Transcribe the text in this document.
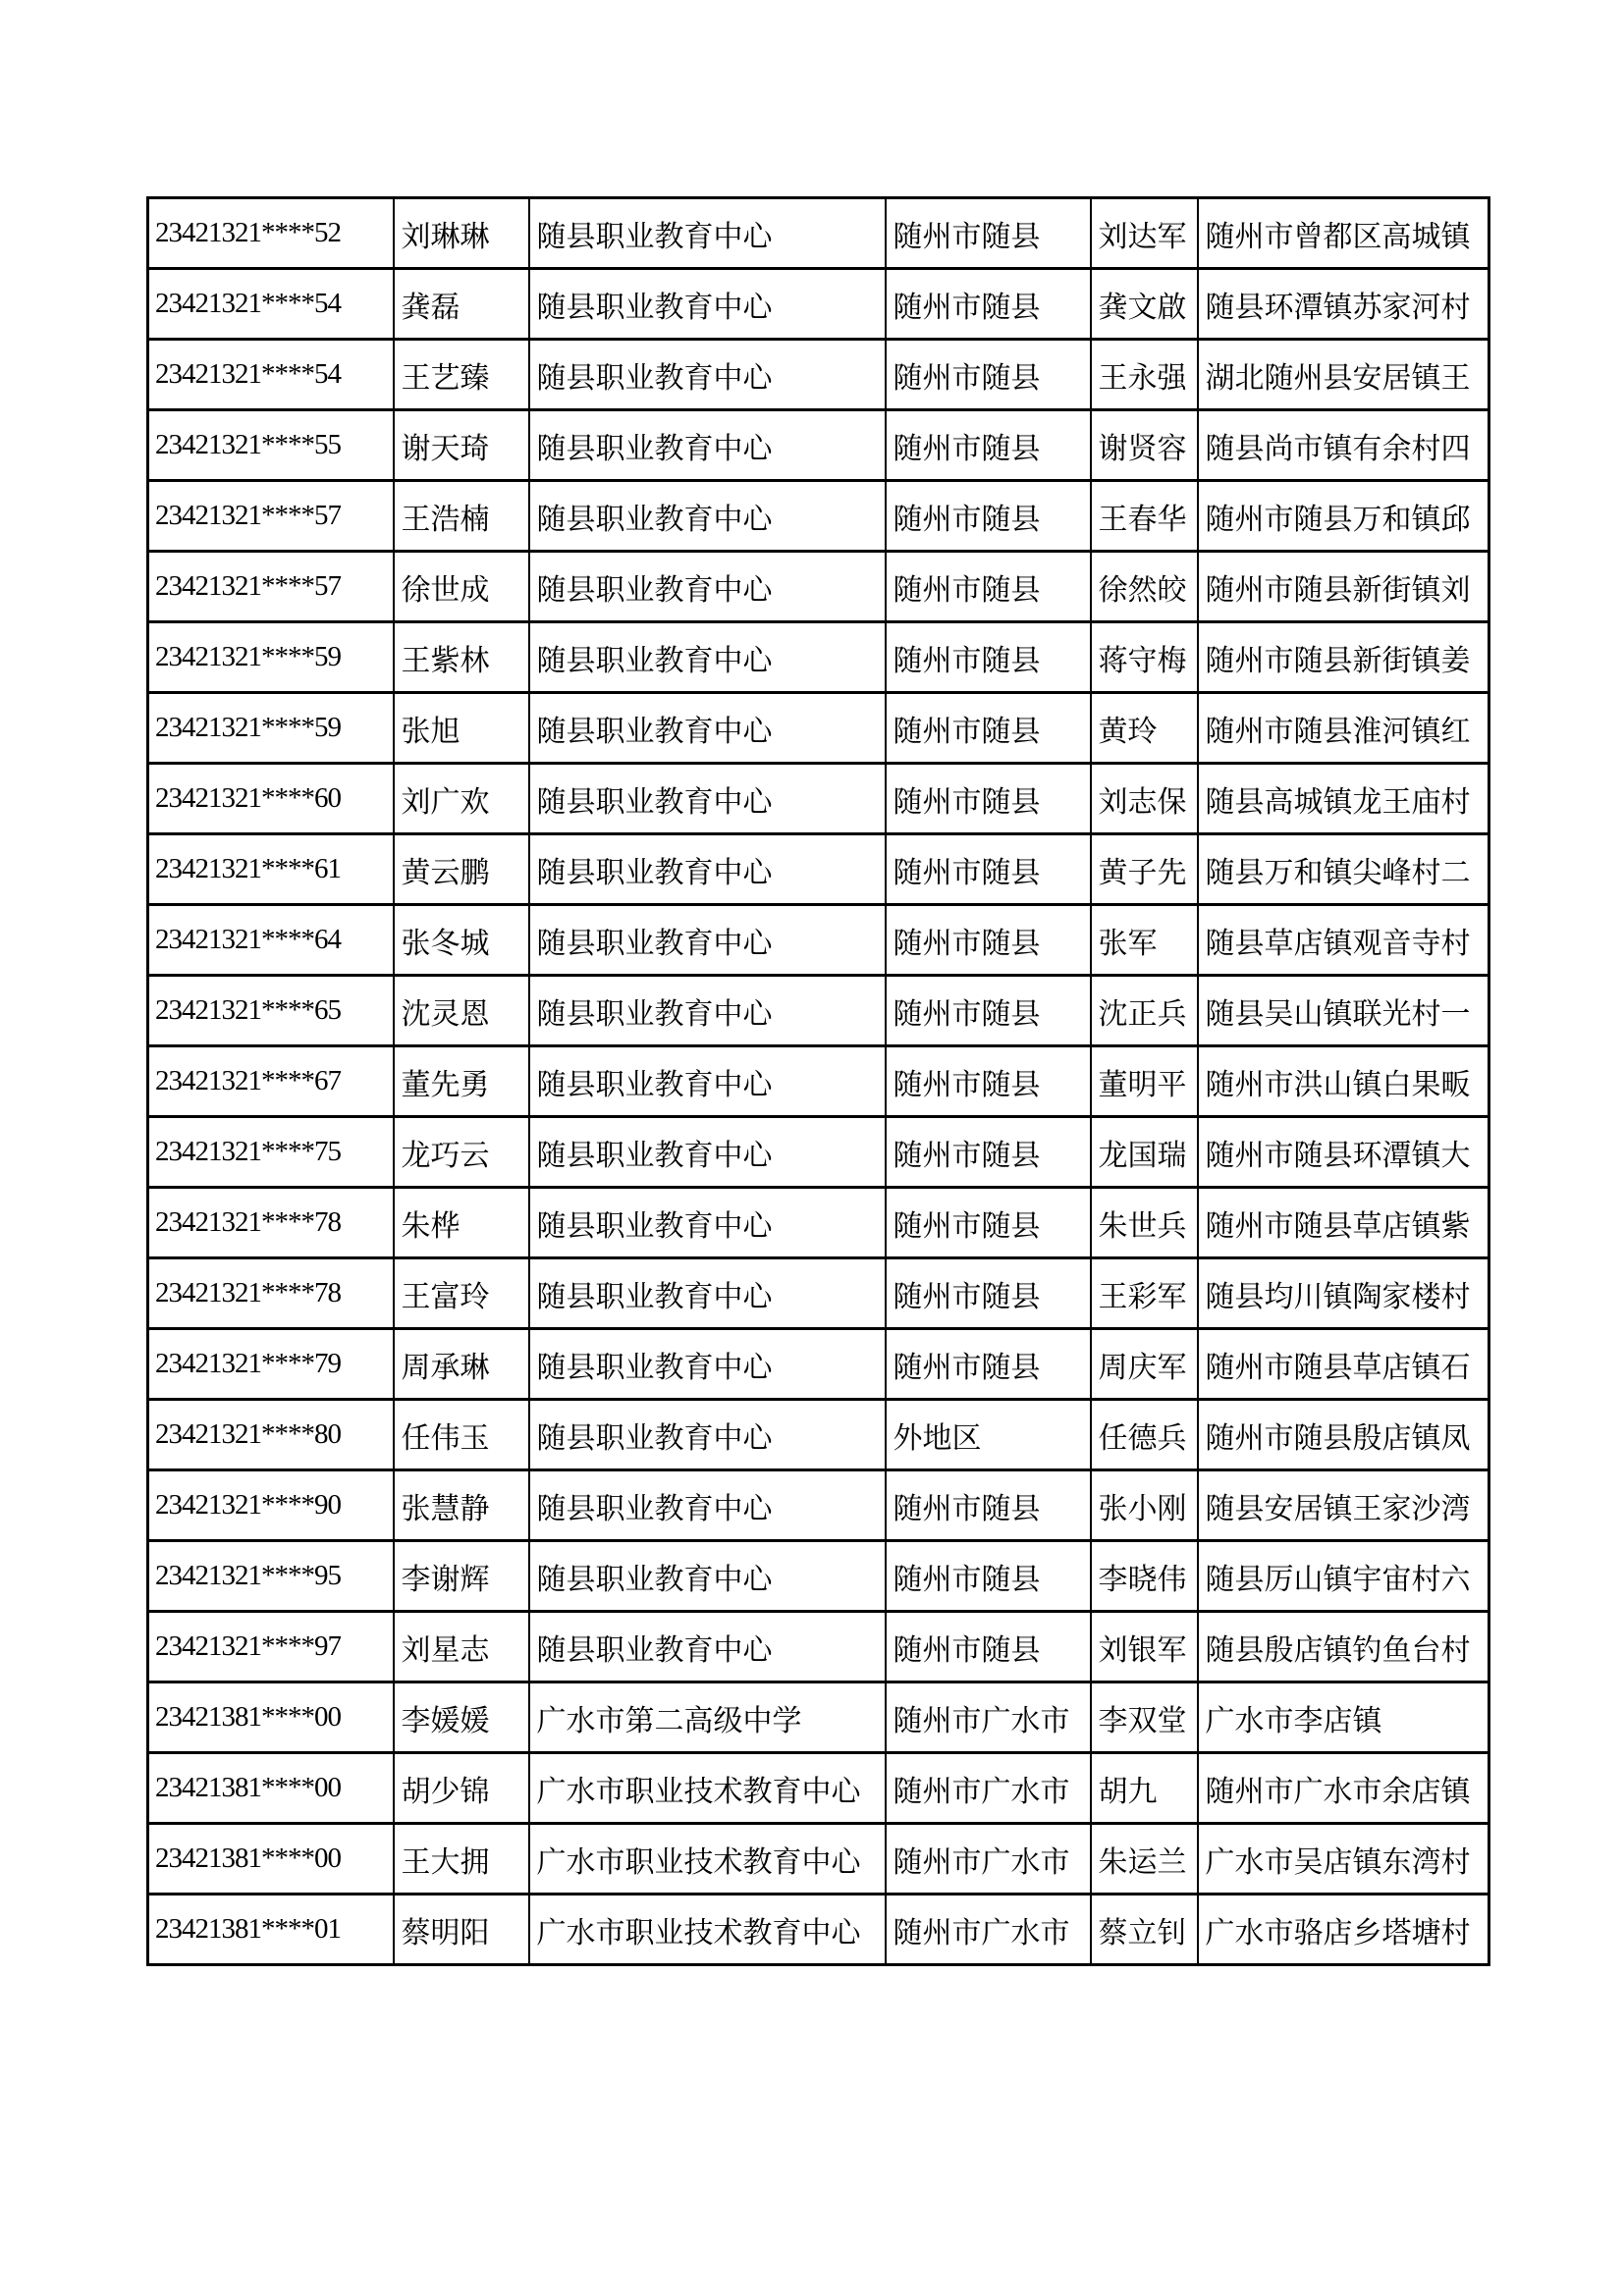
23421321****52	刘琳琳	随县职业教育中心	随州市随县	刘达军	随州市曾都区高城镇
23421321****54	龚磊	随县职业教育中心	随州市随县	龚文啟	随县环潭镇苏家河村
23421321****54	王艺臻	随县职业教育中心	随州市随县	王永强	湖北随州县安居镇王
23421321****55	谢天琦	随县职业教育中心	随州市随县	谢贤容	随县尚市镇有余村四
23421321****57	王浩楠	随县职业教育中心	随州市随县	王春华	随州市随县万和镇邱
23421321****57	徐世成	随县职业教育中心	随州市随县	徐然皎	随州市随县新街镇刘
23421321****59	王紫林	随县职业教育中心	随州市随县	蒋守梅	随州市随县新街镇姜
23421321****59	张旭	随县职业教育中心	随州市随县	黄玲	随州市随县淮河镇红
23421321****60	刘广欢	随县职业教育中心	随州市随县	刘志保	随县高城镇龙王庙村
23421321****61	黄云鹏	随县职业教育中心	随州市随县	黄子先	随县万和镇尖峰村二
23421321****64	张冬城	随县职业教育中心	随州市随县	张军	随县草店镇观音寺村
23421321****65	沈灵恩	随县职业教育中心	随州市随县	沈正兵	随县吴山镇联光村一
23421321****67	董先勇	随县职业教育中心	随州市随县	董明平	随州市洪山镇白果畈
23421321****75	龙巧云	随县职业教育中心	随州市随县	龙国瑞	随州市随县环潭镇大
23421321****78	朱桦	随县职业教育中心	随州市随县	朱世兵	随州市随县草店镇紫
23421321****78	王富玲	随县职业教育中心	随州市随县	王彩军	随县均川镇陶家楼村
23421321****79	周承琳	随县职业教育中心	随州市随县	周庆军	随州市随县草店镇石
23421321****80	任伟玉	随县职业教育中心	外地区	任德兵	随州市随县殷店镇凤
23421321****90	张慧静	随县职业教育中心	随州市随县	张小刚	随县安居镇王家沙湾
23421321****95	李谢辉	随县职业教育中心	随州市随县	李晓伟	随县厉山镇宇宙村六
23421321****97	刘星志	随县职业教育中心	随州市随县	刘银军	随县殷店镇钓鱼台村
23421381****00	李媛媛	广水市第二高级中学	随州市广水市	李双堂	广水市李店镇
23421381****00	胡少锦	广水市职业技术教育中心	随州市广水市	胡九	随州市广水市余店镇
23421381****00	王大拥	广水市职业技术教育中心	随州市广水市	朱运兰	广水市吴店镇东湾村
23421381****01	蔡明阳	广水市职业技术教育中心	随州市广水市	蔡立钊	广水市骆店乡塔塘村
